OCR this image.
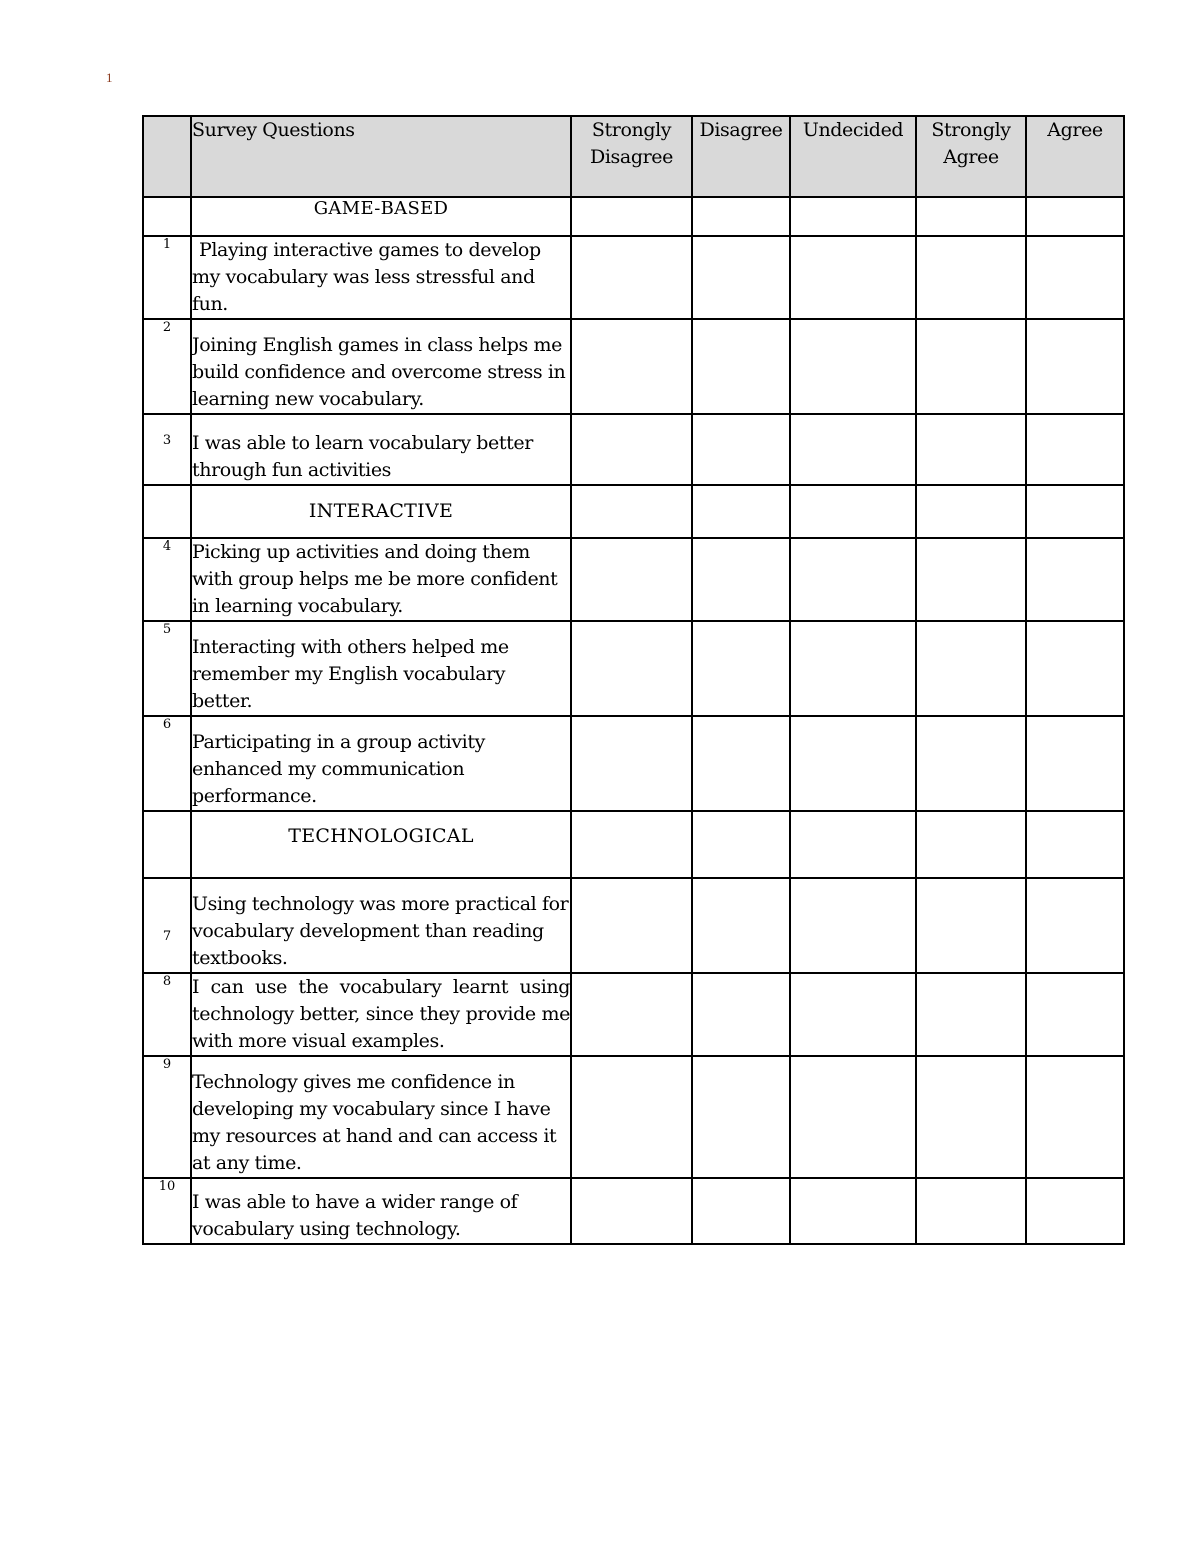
1
	Survey Questions	Strongly Disagree	Disagree	Undecided	Strongly Agree	Agree
	GAME-BASED					
1	Playing interactive games to develop my vocabulary was less stressful and fun.					
2	Joining English games in class helps me build confidence and overcome stress in learning new vocabulary.					
3	I was able to learn vocabulary better through fun activities					
	INTERACTIVE					
4	Picking up activities and doing them with group helps me be more confident in learning vocabulary.					
5	Interacting with others helped me remember my English vocabulary better.					
6	Participating in a group activity enhanced my communication performance.					
	TECHNOLOGICAL					
7	Using technology was more practical for vocabulary development than reading textbooks.					
8	I can use the vocabulary learnt using technology better, since they provide me with more visual examples.					
9	Technology gives me confidence in developing my vocabulary since I have my resources at hand and can access it at any time.					
10	I was able to have a wider range of vocabulary using technology.					
